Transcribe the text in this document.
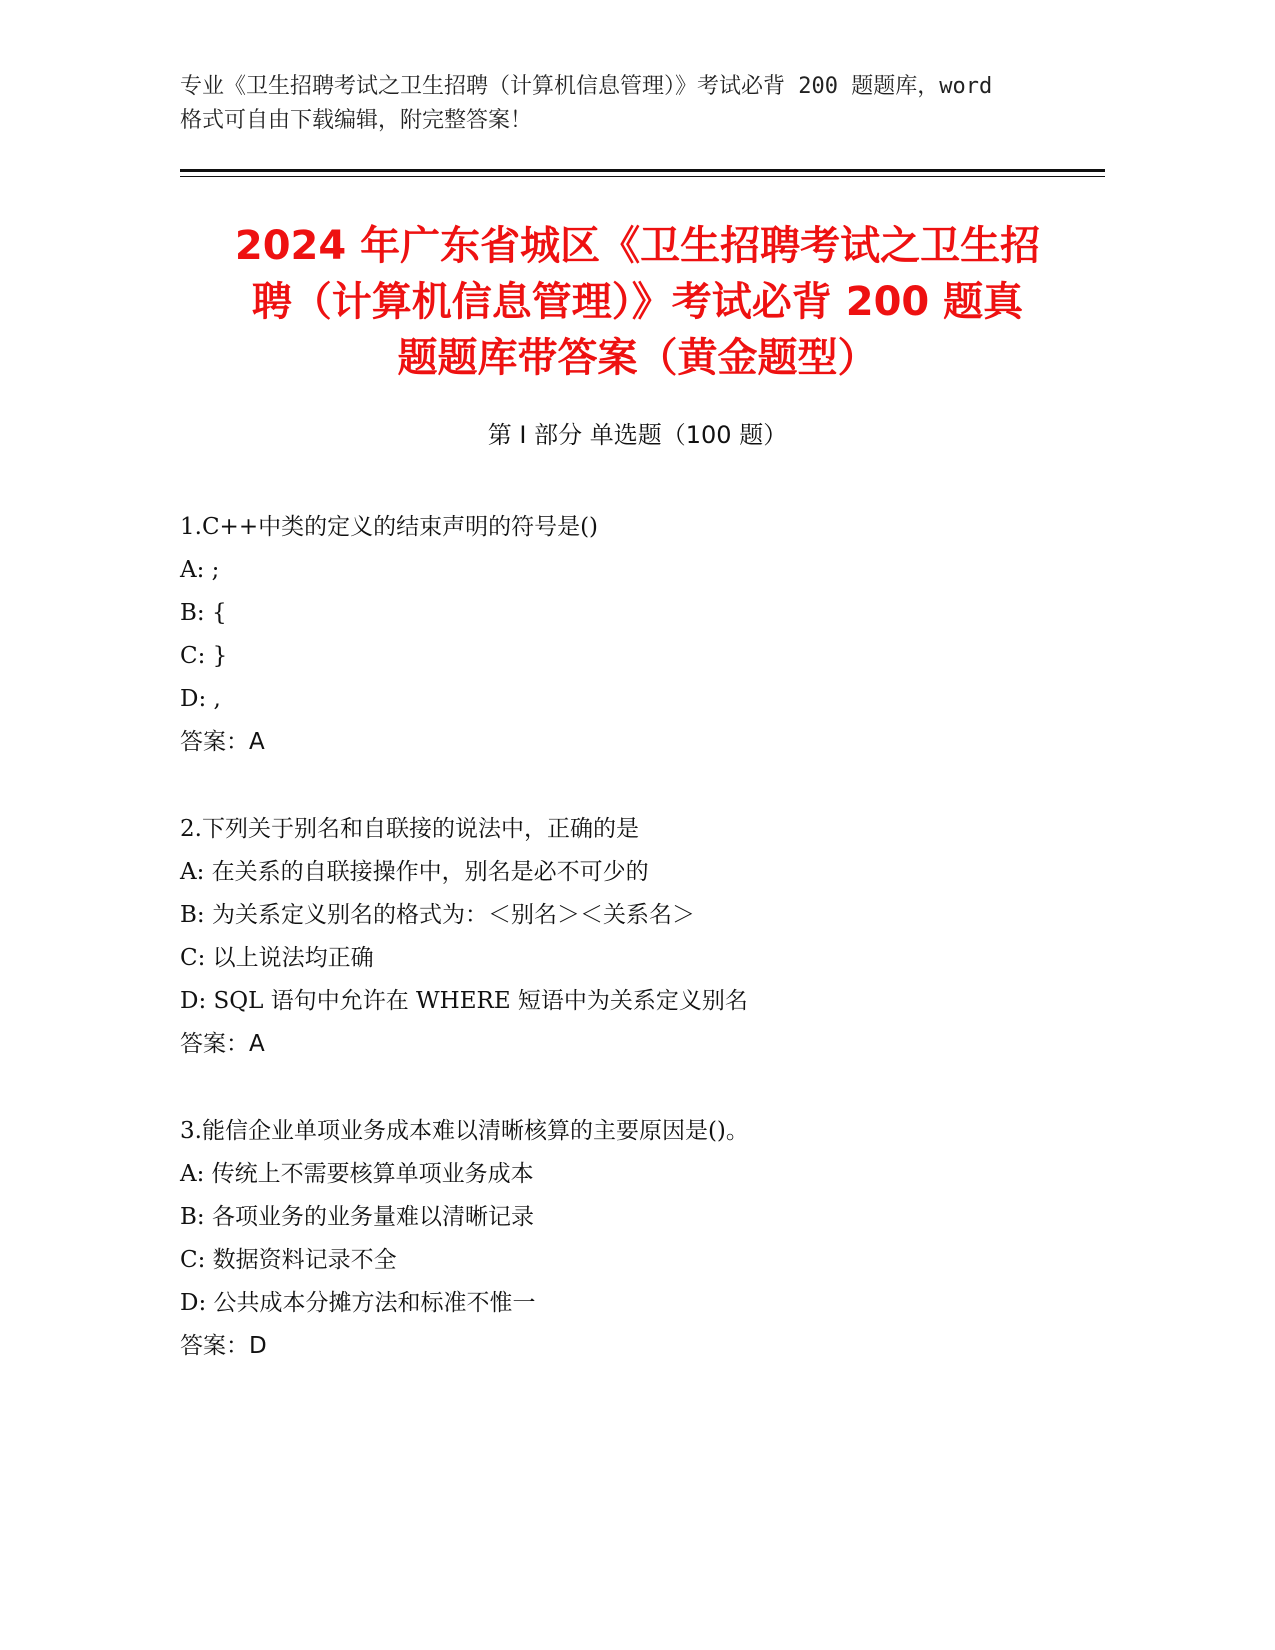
专业《卫生招聘考试之卫生招聘（计算机信息管理）》考试必背 200 题题库，word
格式可自由下载编辑，附完整答案！
2024 年广东省城区《卫生招聘考试之卫生招
聘（计算机信息管理）》考试必背 200 题真
题题库带答案（黄金题型）
第 I 部分 单选题（100 题）
1.C++中类的定义的结束声明的符号是()
A: ;
B: {
C: }
D: ,
答案：A
2.下列关于别名和自联接的说法中，正确的是
A: 在关系的自联接操作中，别名是必不可少的
B: 为关系定义别名的格式为：＜别名＞＜关系名＞
C: 以上说法均正确
D: SQL 语句中允许在 WHERE 短语中为关系定义别名
答案：A
3.能信企业单项业务成本难以清晰核算的主要原因是()。
A: 传统上不需要核算单项业务成本
B: 各项业务的业务量难以清晰记录
C: 数据资料记录不全
D: 公共成本分摊方法和标准不惟一
答案：D
